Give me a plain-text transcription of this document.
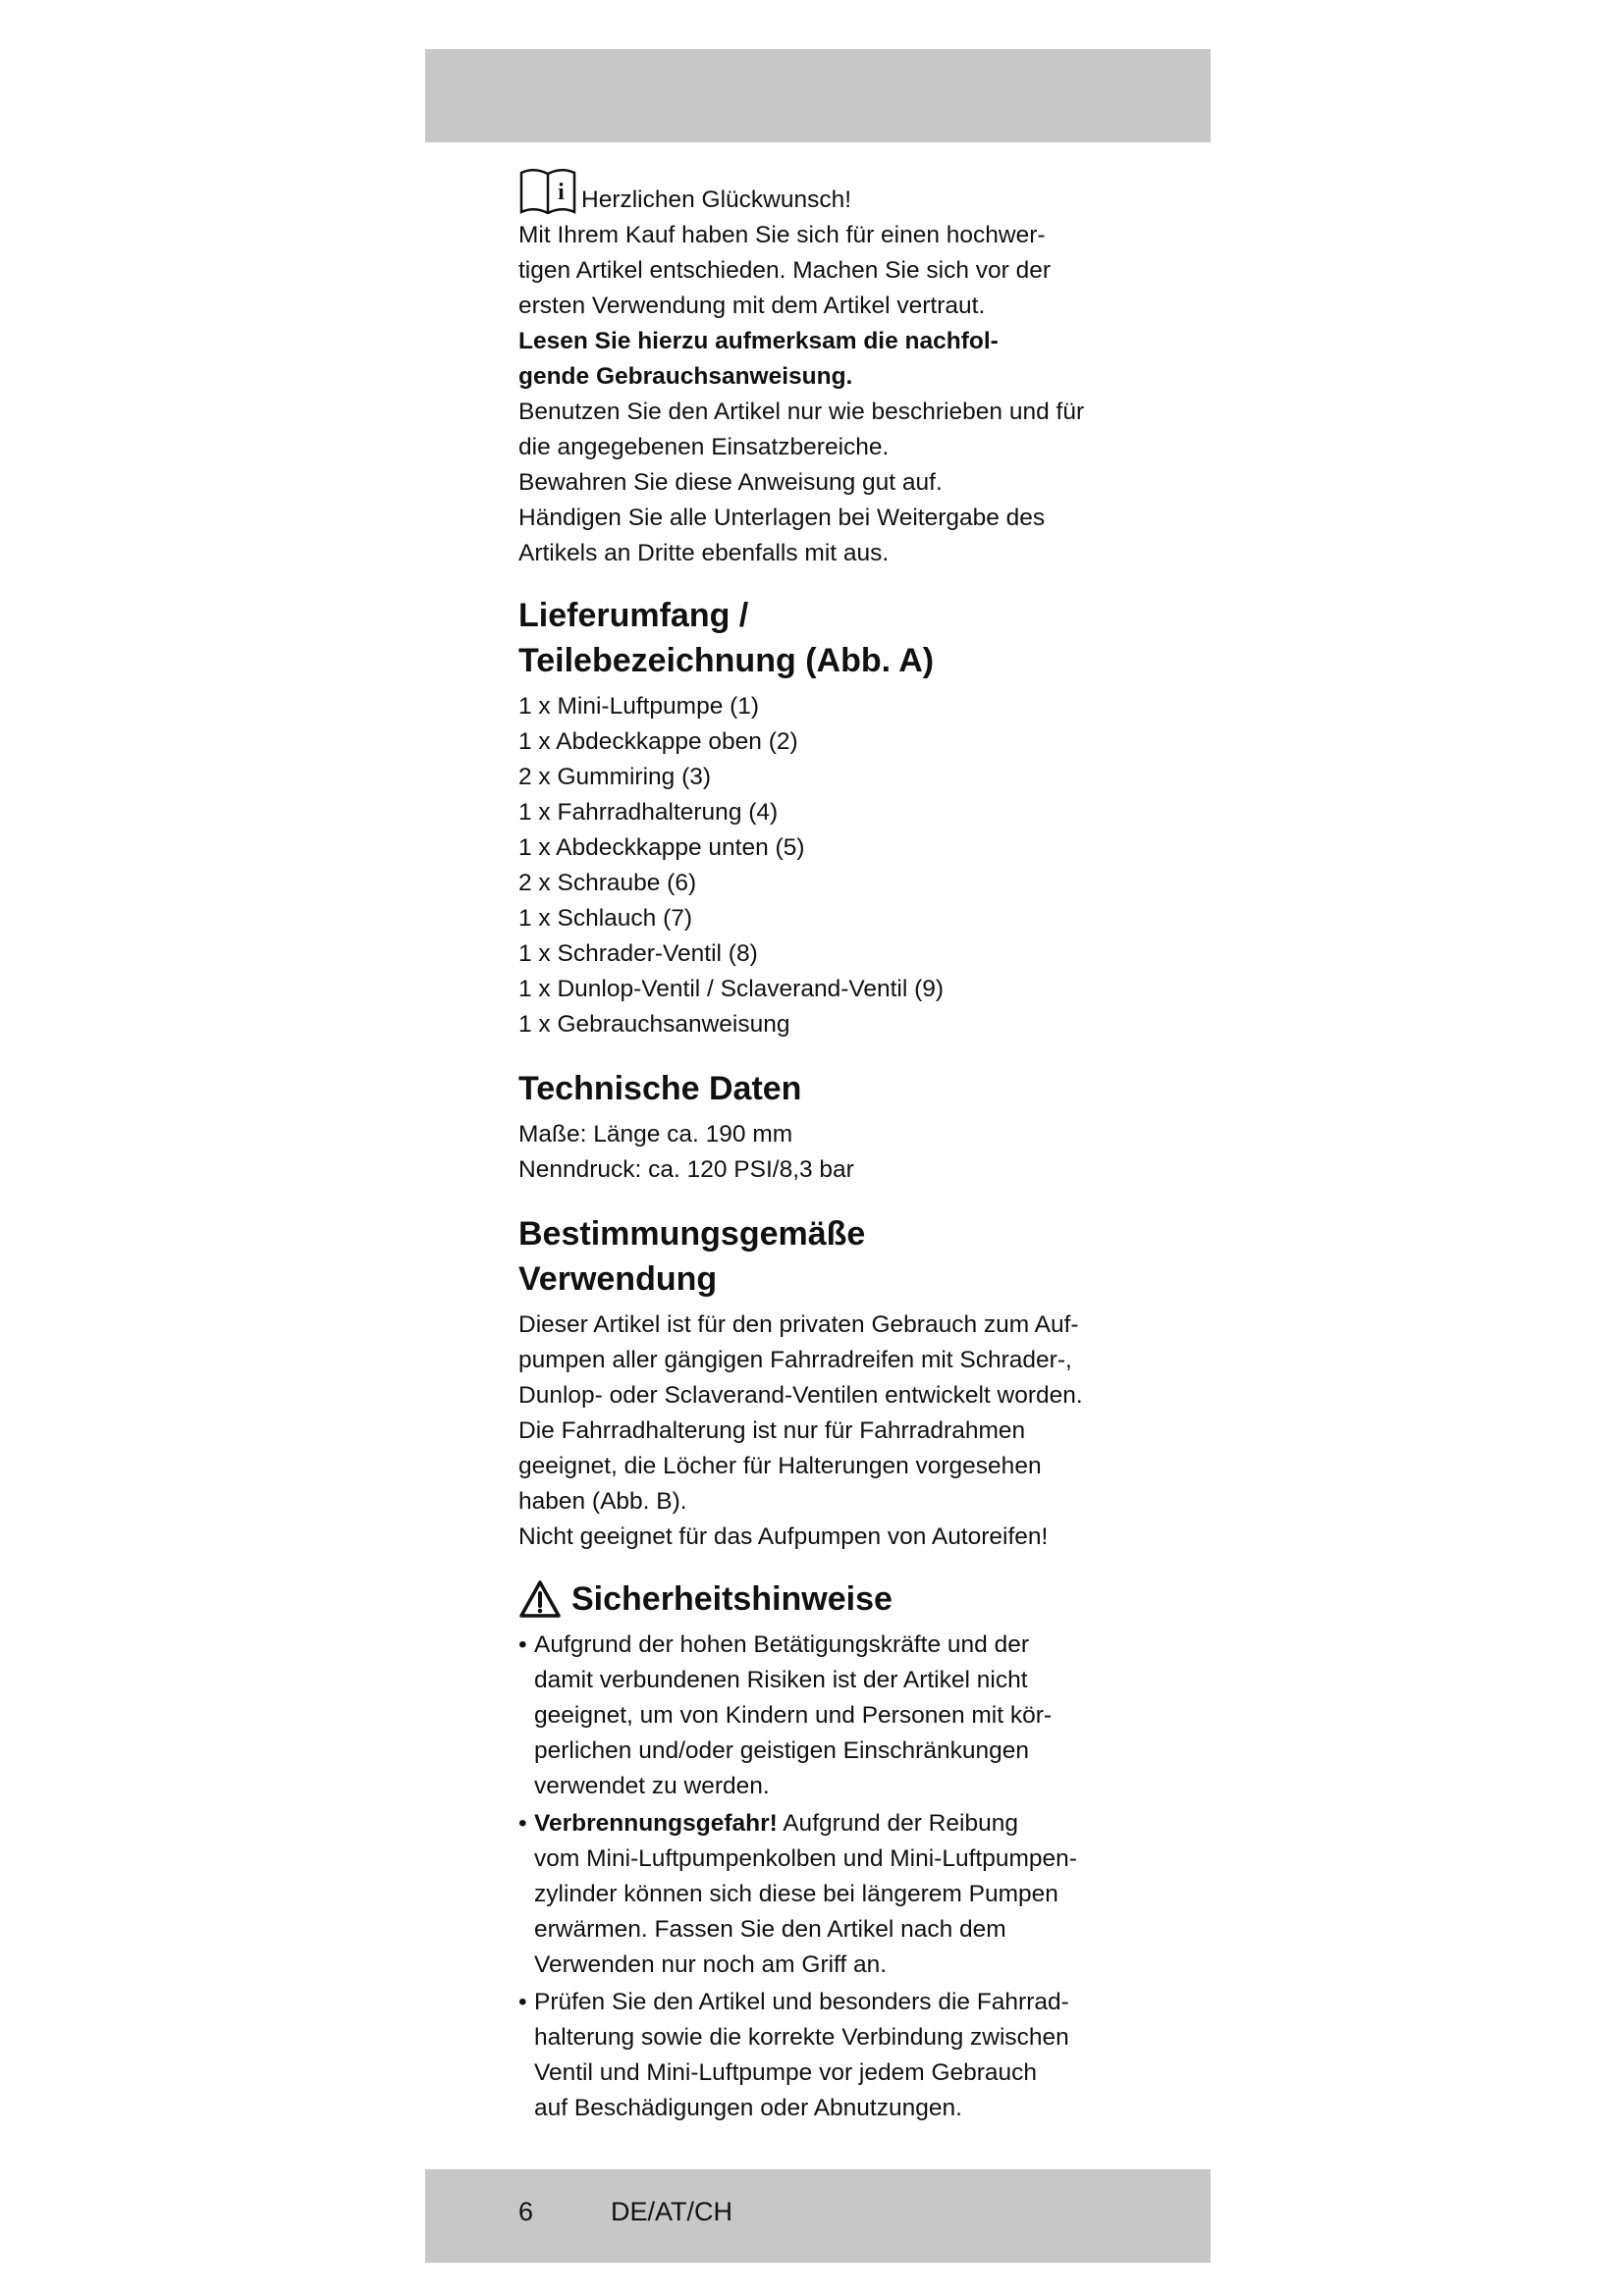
i Herzlichen Glückwunsch!

Mit Ihrem Kauf haben Sie sich für einen hochwer-

tigen Artikel entschieden. Machen Sie sich vor der

ersten Verwendung mit dem Artikel vertraut.

Lesen Sie hierzu aufmerksam die nachfol-

gende Gebrauchsanweisung.

Benutzen Sie den Artikel nur wie beschrieben und für

die angegebenen Einsatzbereiche.

Bewahren Sie diese Anweisung gut auf.

Händigen Sie alle Unterlagen bei Weitergabe des

Artikels an Dritte ebenfalls mit aus.

Lieferumfang /
Teilebezeichnung (Abb. A)
1 x Mini-Luftpumpe (1)
1 x Abdeckkappe oben (2)
2 x Gummiring (3)
1 x Fahrradhalterung (4)
1 x Abdeckkappe unten (5)
2 x Schraube (6)
1 x Schlauch (7)
1 x Schrader-Ventil (8)
1 x Dunlop-Ventil / Sclaverand-Ventil (9)
1 x Gebrauchsanweisung
Technische Daten

Maße: Länge ca. 190 mm

Nenndruck: ca. 120 PSI/8,3 bar

Bestimmungsgemäße
Verwendung

Dieser Artikel ist für den privaten Gebrauch zum Auf-

pumpen aller gängigen Fahrradreifen mit Schrader-,

Dunlop- oder Sclaverand-Ventilen entwickelt worden.

Die Fahrradhalterung ist nur für Fahrradrahmen

geeignet, die Löcher für Halterungen vorgesehen

haben (Abb. B).

Nicht geeignet für das Aufpumpen von Autoreifen!

Sicherheitshinweise
• Aufgrund der hohen Betätigungskräfte und der
damit verbundenen Risiken ist der Artikel nicht
geeignet, um von Kindern und Personen mit kör-
perlichen und/oder geistigen Einschränkungen
verwendet zu werden.
• Verbrennungsgefahr! Aufgrund der Reibung
vom Mini-Luftpumpenkolben und Mini-Luftpumpen-
zylinder können sich diese bei längerem Pumpen
erwärmen. Fassen Sie den Artikel nach dem
Verwenden nur noch am Griff an.
• Prüfen Sie den Artikel und besonders die Fahrrad-
halterung sowie die korrekte Verbindung zwischen
Ventil und Mini-Luftpumpe vor jedem Gebrauch
auf Beschädigungen oder Abnutzungen.
6	DE/AT/CH
